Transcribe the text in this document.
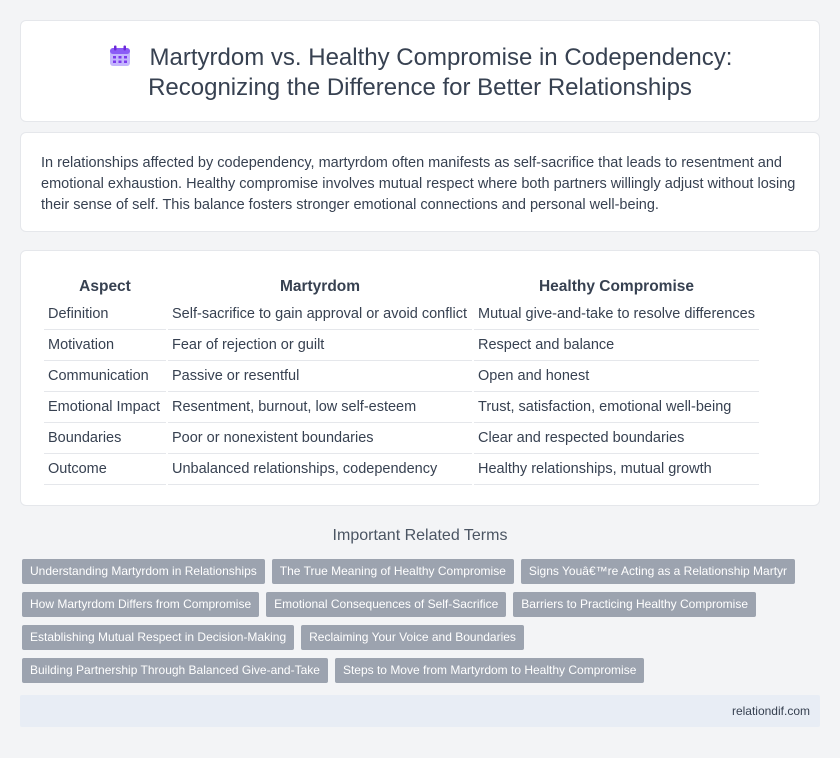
Martyrdom vs. Healthy Compromise in Codependency:
Recognizing the Difference for Better Relationships

In relationships affected by codependency, martyrdom often manifests as self-sacrifice that leads to resentment and emotional exhaustion. Healthy compromise involves mutual respect where both partners willingly adjust without losing their sense of self. This balance fosters stronger emotional connections and personal well-being.

Aspect	Martyrdom	Healthy Compromise
Definition	Self-sacrifice to gain approval or avoid conflict	Mutual give-and-take to resolve differences
Motivation	Fear of rejection or guilt	Respect and balance
Communication	Passive or resentful	Open and honest
Emotional Impact	Resentment, burnout, low self-esteem	Trust, satisfaction, emotional well-being
Boundaries	Poor or nonexistent boundaries	Clear and respected boundaries
Outcome	Unbalanced relationships, codependency	Healthy relationships, mutual growth
Important Related Terms
Understanding Martyrdom in Relationships	The True Meaning of Healthy Compromise	Signs Youâ€™re Acting as a Relationship Martyr
How Martyrdom Differs from Compromise	Emotional Consequences of Self-Sacrifice	Barriers to Practicing Healthy Compromise
Establishing Mutual Respect in Decision-Making	Reclaiming Your Voice and Boundaries
Building Partnership Through Balanced Give-and-Take	Steps to Move from Martyrdom to Healthy Compromise
relationdif.com
